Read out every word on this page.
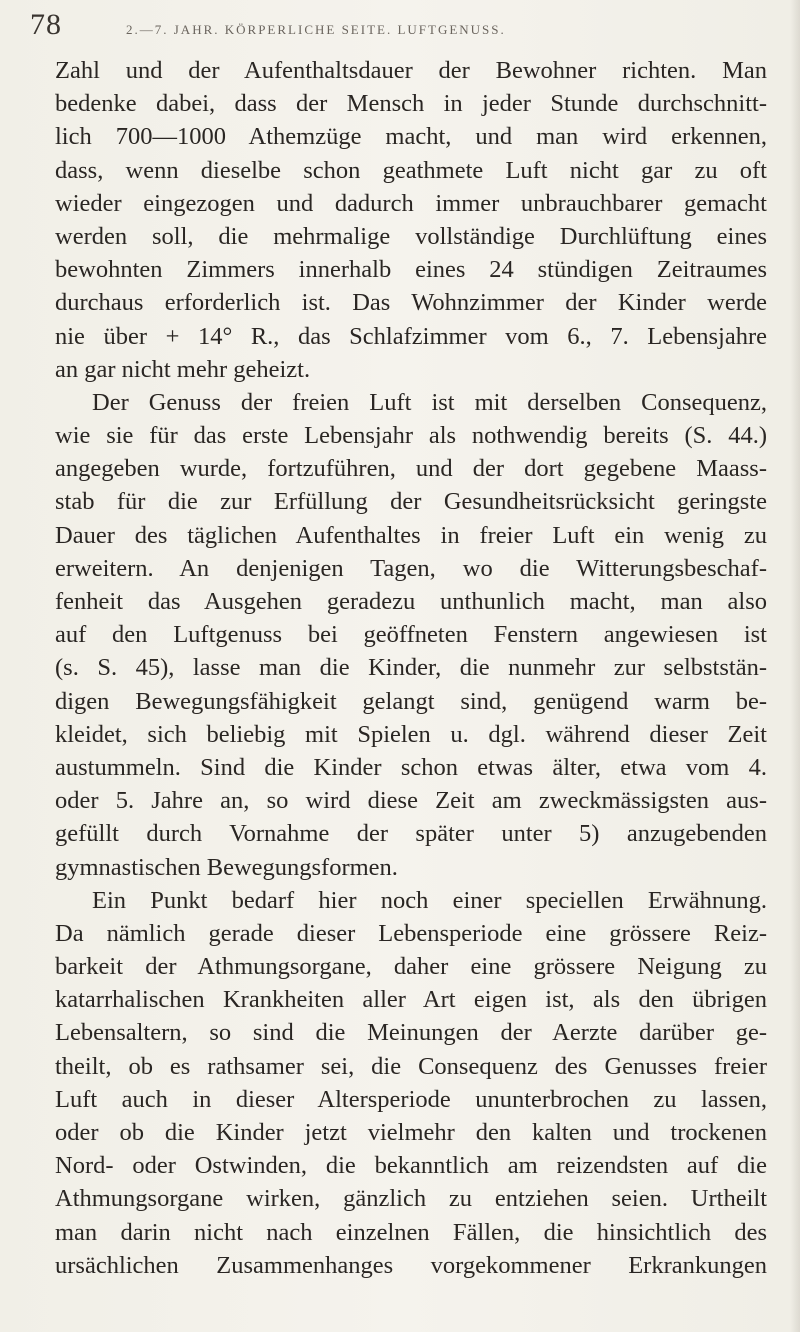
78	2.—7. JAHR. KÖRPERLICHE SEITE. LUFTGENUSS.
Zahl und der Aufenthaltsdauer der Bewohner richten. Man
bedenke dabei, dass der Mensch in jeder Stunde durchschnitt-
lich 700—1000 Athemzüge macht, und man wird erkennen,
dass, wenn dieselbe schon geathmete Luft nicht gar zu oft
wieder eingezogen und dadurch immer unbrauchbarer gemacht
werden soll, die mehrmalige vollständige Durchlüftung eines
bewohnten Zimmers innerhalb eines 24 stündigen Zeitraumes
durchaus erforderlich ist. Das Wohnzimmer der Kinder werde
nie über + 14° R., das Schlafzimmer vom 6., 7. Lebensjahre
an gar nicht mehr geheizt.
Der Genuss der freien Luft ist mit derselben Consequenz,
wie sie für das erste Lebensjahr als nothwendig bereits (S. 44.)
angegeben wurde, fortzuführen, und der dort gegebene Maass-
stab für die zur Erfüllung der Gesundheitsrücksicht geringste
Dauer des täglichen Aufenthaltes in freier Luft ein wenig zu
erweitern. An denjenigen Tagen, wo die Witterungsbeschaf-
fenheit das Ausgehen geradezu unthunlich macht, man also
auf den Luftgenuss bei geöffneten Fenstern angewiesen ist
(s. S. 45), lasse man die Kinder, die nunmehr zur selbststän-
digen Bewegungsfähigkeit gelangt sind, genügend warm be-
kleidet, sich beliebig mit Spielen u. dgl. während dieser Zeit
austummeln. Sind die Kinder schon etwas älter, etwa vom 4.
oder 5. Jahre an, so wird diese Zeit am zweckmässigsten aus-
gefüllt durch Vornahme der später unter 5) anzugebenden
gymnastischen Bewegungsformen.
Ein Punkt bedarf hier noch einer speciellen Erwähnung.
Da nämlich gerade dieser Lebensperiode eine grössere Reiz-
barkeit der Athmungsorgane, daher eine grössere Neigung zu
katarrhalischen Krankheiten aller Art eigen ist, als den übrigen
Lebensaltern, so sind die Meinungen der Aerzte darüber ge-
theilt, ob es rathsamer sei, die Consequenz des Genusses freier
Luft auch in dieser Altersperiode ununterbrochen zu lassen,
oder ob die Kinder jetzt vielmehr den kalten und trockenen
Nord- oder Ostwinden, die bekanntlich am reizendsten auf die
Athmungsorgane wirken, gänzlich zu entziehen seien. Urtheilt
man darin nicht nach einzelnen Fällen, die hinsichtlich des
ursächlichen Zusammenhanges vorgekommener Erkrankungen
